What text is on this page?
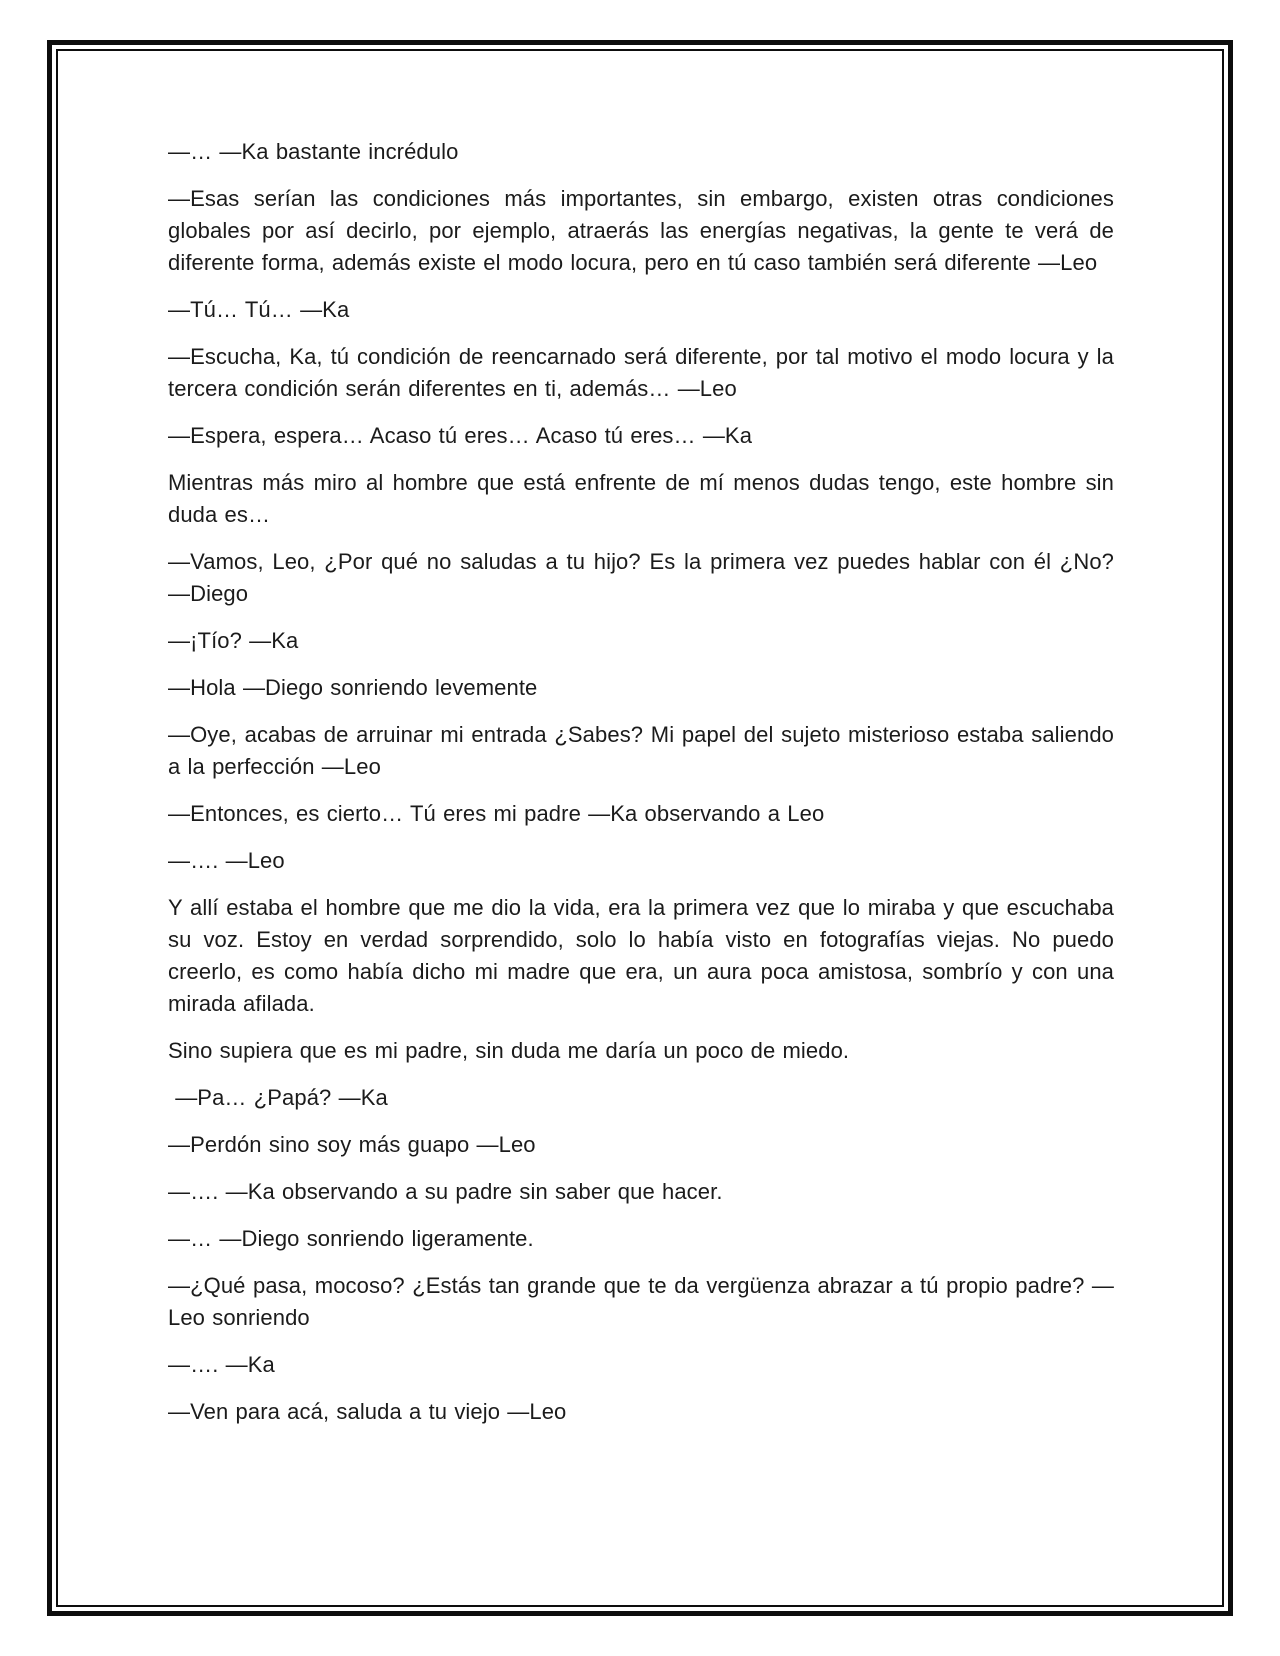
—… —Ka bastante incrédulo

—Esas serían las condiciones más importantes, sin embargo, existen otras condiciones globales por así decirlo, por ejemplo, atraerás las energías negativas, la gente te verá de diferente forma, además existe el modo locura, pero en tú caso también será diferente —Leo

—Tú… Tú… —Ka

—Escucha, Ka, tú condición de reencarnado será diferente, por tal motivo el modo locura y la tercera condición serán diferentes en ti, además… —Leo

—Espera, espera… Acaso tú eres… Acaso tú eres… —Ka

Mientras más miro al hombre que está enfrente de mí menos dudas tengo, este hombre sin duda es…

—Vamos, Leo, ¿Por qué no saludas a tu hijo? Es la primera vez puedes hablar con él ¿No? —Diego

—¡Tío? —Ka

—Hola —Diego sonriendo levemente

—Oye, acabas de arruinar mi entrada ¿Sabes? Mi papel del sujeto misterioso estaba saliendo a la perfección —Leo

—Entonces, es cierto… Tú eres mi padre —Ka observando a Leo

—…. —Leo

Y allí estaba el hombre que me dio la vida, era la primera vez que lo miraba y que escuchaba su voz. Estoy en verdad sorprendido, solo lo había visto en fotografías viejas. No puedo creerlo, es como había dicho mi madre que era, un aura poca amistosa, sombrío y con una mirada afilada.

Sino supiera que es mi padre, sin duda me daría un poco de miedo.

—Pa… ¿Papá? —Ka

—Perdón sino soy más guapo —Leo

—…. —Ka observando a su padre sin saber que hacer.

—… —Diego sonriendo ligeramente.

—¿Qué pasa, mocoso? ¿Estás tan grande que te da vergüenza abrazar a tú propio padre? —Leo sonriendo

—…. —Ka

—Ven para acá, saluda a tu viejo —Leo
